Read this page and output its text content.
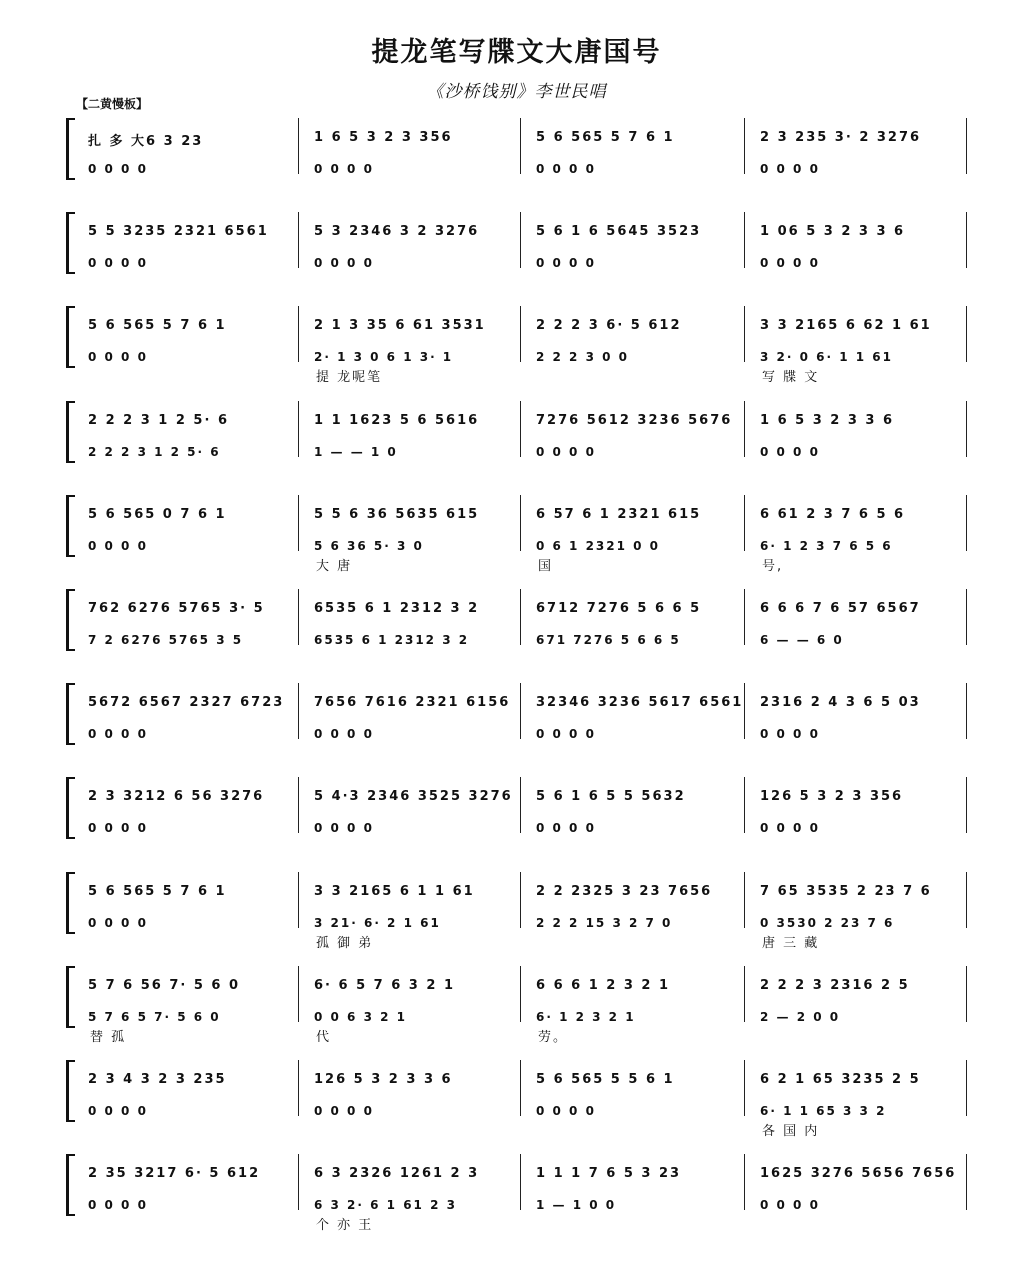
提龙笔写牒文大唐国号
《沙桥饯别》李世民唱
【二黄慢板】
扎 多 大6 3 23
0 0 0 0
1 6 5 3 2 3 356
0 0 0 0
5 6 565 5 7 6 1
0 0 0 0
2 3 235 3· 2 3276
0 0 0 0
5 5 3235 2321 6561
0 0 0 0
5 3 2346 3 2 3276
0 0 0 0
5 6 1 6 5645 3523
0 0 0 0
1 06 5 3 2 3 3 6
0 0 0 0
5 6 565 5 7 6 1
0 0 0 0
2 1 3 35 6 61 3531
2· 1 3 0 6 1 3· 1
提 龙呢笔
2 2 2 3 6· 5 612
2 2 2 3 0 0
3 3 2165 6 62 1 61
3 2· 0 6· 1 1 61
写 牒 文
2 2 2 3 1 2 5· 6
2 2 2 3 1 2 5· 6
1 1 1623 5 6 5616
1 — — 1 0
7276 5612 3236 5676
0 0 0 0
1 6 5 3 2 3 3 6
0 0 0 0
5 6 565 0 7 6 1
0 0 0 0
5 5 6 36 5635 615
5 6 36 5· 3 0
大 唐
6 57 6 1 2321 615
0 6 1 2321 0 0
国
6 61 2 3 7 6 5 6
6· 1 2 3 7 6 5 6
号,
762 6276 5765 3· 5
7 2 6276 5765 3 5
6535 6 1 2312 3 2
6535 6 1 2312 3 2
6712 7276 5 6 6 5
671 7276 5 6 6 5
6 6 6 7 6 57 6567
6 — — 6 0
5672 6567 2327 6723
0 0 0 0
7656 7616 2321 6156
0 0 0 0
32346 3236 5617 6561
0 0 0 0
2316 2 4 3 6 5 03
0 0 0 0
2 3 3212 6 56 3276
0 0 0 0
5 4·3 2346 3525 3276
0 0 0 0
5 6 1 6 5 5 5632
0 0 0 0
126 5 3 2 3 356
0 0 0 0
5 6 565 5 7 6 1
0 0 0 0
3 3 2165 6 1 1 61
3 21· 6· 2 1 61
孤 御 弟
2 2 2325 3 23 7656
2 2 2 15 3 2 7 0
7 65 3535 2 23 7 6
0 3530 2 23 7 6
唐 三 藏
5 7 6 56 7· 5 6 0
5 7 6 5 7· 5 6 0
替 孤
6· 6 5 7 6 3 2 1
0 0 6 3 2 1
代
6 6 6 1 2 3 2 1
6· 1 2 3 2 1
劳。
2 2 2 3 2316 2 5
2 — 2 0 0
2 3 4 3 2 3 235
0 0 0 0
126 5 3 2 3 3 6
0 0 0 0
5 6 565 5 5 6 1
0 0 0 0
6 2 1 65 3235 2 5
6· 1 1 65 3 3 2
各 国 内
2 35 3217 6· 5 612
0 0 0 0
6 3 2326 1261 2 3
6 3 2· 6 1 61 2 3
个 亦 王
1 1 1 7 6 5 3 23
1 — 1 0 0
1625 3276 5656 7656
0 0 0 0
